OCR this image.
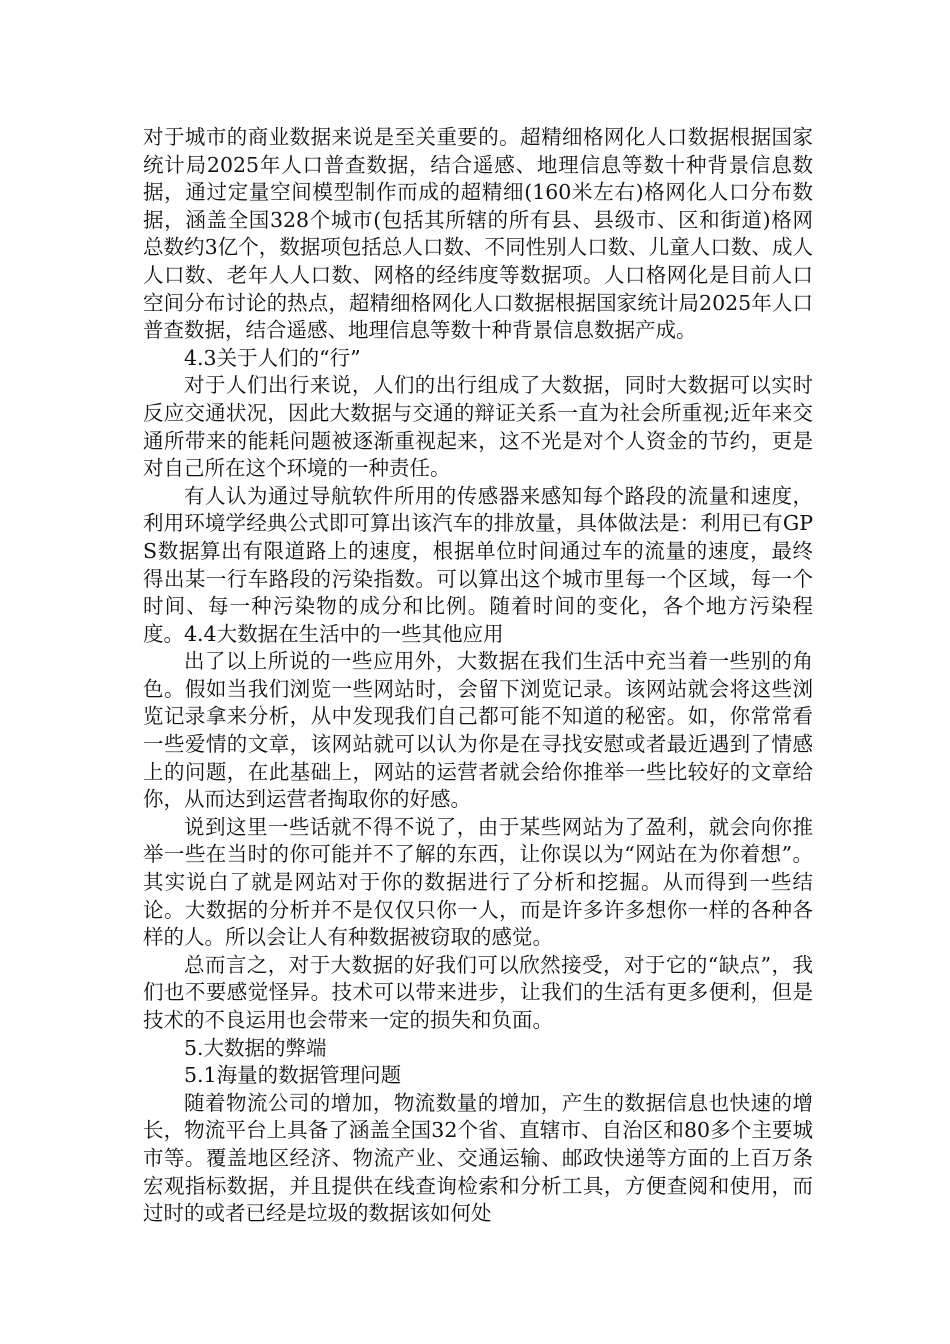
对于城市的商业数据来说是至关重要的。超精细格网化人口数据根据国家统计局2025年人口普查数据，结合遥感、地理信息等数十种背景信息数据，通过定量空间模型制作而成的超精细(160米左右)格网化人口分布数据，涵盖全国328个城市(包括其所辖的所有县、县级市、区和街道)格网总数约3亿个，数据项包括总人口数、不同性别人口数、儿童人口数、成人人口数、老年人人口数、网格的经纬度等数据项。人口格网化是目前人口空间分布讨论的热点，超精细格网化人口数据根据国家统计局2025年人口普查数据，结合遥感、地理信息等数十种背景信息数据产成。

4.3关于人们的“行”

对于人们出行来说，人们的出行组成了大数据，同时大数据可以实时反应交通状况，因此大数据与交通的辩证关系一直为社会所重视;近年来交通所带来的能耗问题被逐渐重视起来，这不光是对个人资金的节约，更是对自己所在这个环境的一种责任。

有人认为通过导航软件所用的传感器来感知每个路段的流量和速度，利用环境学经典公式即可算出该汽车的排放量，具体做法是：利用已有GPS数据算出有限道路上的速度，根据单位时间通过车的流量的速度，最终得出某一行车路段的污染指数。可以算出这个城市里每一个区域，每一个时间、每一种污染物的成分和比例。随着时间的变化，各个地方污染程度。4.4大数据在生活中的一些其他应用

出了以上所说的一些应用外，大数据在我们生活中充当着一些别的角色。假如当我们浏览一些网站时，会留下浏览记录。该网站就会将这些浏览记录拿来分析，从中发现我们自己都可能不知道的秘密。如，你常常看一些爱情的文章，该网站就可以认为你是在寻找安慰或者最近遇到了情感上的问题，在此基础上，网站的运营者就会给你推举一些比较好的文章给你，从而达到运营者掏取你的好感。

说到这里一些话就不得不说了，由于某些网站为了盈利，就会向你推举一些在当时的你可能并不了解的东西，让你误以为“网站在为你着想”。其实说白了就是网站对于你的数据进行了分析和挖掘。从而得到一些结论。大数据的分析并不是仅仅只你一人，而是许多许多想你一样的各种各样的人。所以会让人有种数据被窃取的感觉。

总而言之，对于大数据的好我们可以欣然接受，对于它的“缺点”，我们也不要感觉怪异。技术可以带来进步，让我们的生活有更多便利，但是技术的不良运用也会带来一定的损失和负面。

5.大数据的弊端

5.1海量的数据管理问题

随着物流公司的增加，物流数量的增加，产生的数据信息也快速的增长，物流平台上具备了涵盖全国32个省、直辖市、自治区和80多个主要城市等。覆盖地区经济、物流产业、交通运输、邮政快递等方面的上百万条宏观指标数据，并且提供在线查询检索和分析工具，方便查阅和使用，而过时的或者已经是垃圾的数据该如何处
